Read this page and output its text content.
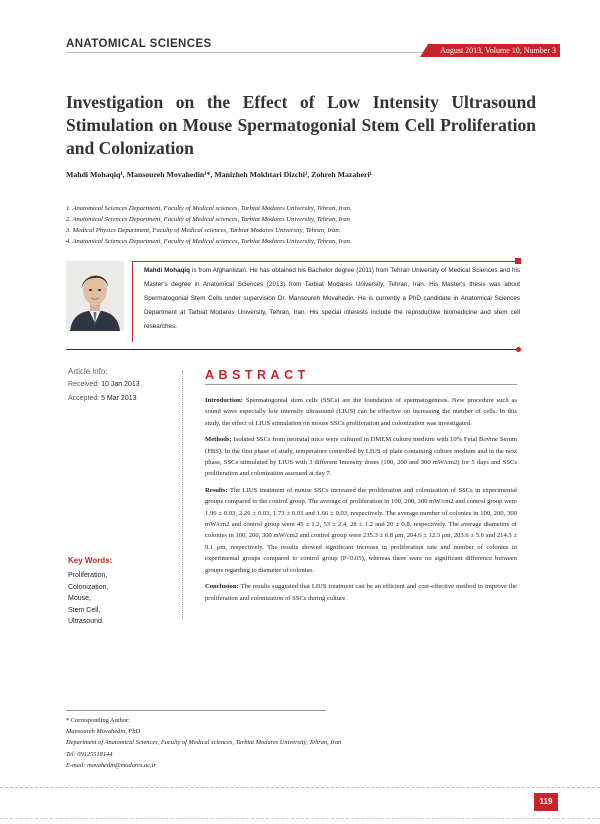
ANATOMICAL SCIENCES
August 2013, Volume 10, Number 3
Investigation on the Effect of Low Intensity Ultrasound Stimulation on Mouse Spermatogonial Stem Cell Proliferation and Colonization
Mahdi Mohaqiq¹, Mansoureh Movahedin¹*, Manizheh Mokhtari Dizchi², Zohreh Mazaheri¹
1. Anatomical Sciences Department, Faculty of Medical sciences, Tarbiat Modares University, Tehran, Iran.
2. Anatomical Sciences Department, Faculty of Medical sciences, Tarbiat Modares University, Tehran, Iran.
3. Medical Physics Department, Faculty of Medical sciences, Tarbiat Modares University, Tehran, Iran.
4. Anatomical Sciences Department, Faculty of Medical sciences, Tarbiat Modares University, Tehran, Iran.
Mahdi Mohaqiq is from Afghanistan. He has obtained his Bachelor degree (2011) from Tehran University of Medical Sciences and his Master's degree in Anatomical Sciences (2013) from Tarbiat Modares University, Tehran, Iran. His Master's thesis was about Spermatogonial Stem Cells under supervision Dr. Mansoureh Movahedin. He is currently a PhD candidate in Anatomical Sciences Department at Tarbiat Modares University, Tehran, Iran. His special interests include the reproductive biomedicine and stem cell researches.
Article info:
Received: 10 Jan 2013
Accepted: 5 Mar 2013
Key Words:
Proliferation,
Colonization,
Mouse,
Stem Cell,
Ultrasound.
ABSTRACT

Introduction: Spermatogonial stem cells (SSCs) are the foundation of spermatogenesis. New procedure such as sound wave especially low intensity ultrasound (LIUS) can be effective on increasing the number of cells. In this study, the effect of LIUS stimulation on mouse SSCs proliferation and colonization was investigated.

Methods: Isolated SSCs from neonatal mice were cultured in DMEM culture medium with 10% Fetal Bovine Serum (FBS). In the first phase of study, temperature controlled by LIUS of plate containing culture medium and in the next phase, SSCs stimulated by LIUS with 3 different Intensity doses (100, 200 and 300 mW/cm2) for 5 days and SSCs proliferation and colonization assessed at day 7.

Results: The LIUS treatment of mouse SSCs increased the proliferation and colonization of SSCs in experimental groups compared to the control group. The average of proliferation in 100, 200, 300 mW/cm2 and control group were 1.96 ± 0.03, 2.26 ± 0.03, 1.73 ± 0.03 and 1.66 ± 0.03, respectively. The average number of colonies in 100, 200, 300 mW/cm2 and control group were 45 ± 1.2, 53 ± 2.4, 28 ± 1.2 and 20 ± 0.8, respectively. The average diameters of colonies in 100, 200, 300 mW/cm2 and control group were 235.3 ± 6.8 μm, 204.6 ± 12.3 μm, 203.6 ± 5.6 and 214.3 ± 9.1 μm, respectively. The results showed significant increase in proliferation rate and number of colonies in experimental groups compared to control group (P<0.05), whereas there were no significant difference between groups regarding to diameter of colonies.

Conclusion: The results suggested that LIUS treatment can be an efficient and cost-effective method to improve the proliferation and colonization of SSCs during culture.

* Corresponding Author:
Mansoureh Movahedin, PhD
Department of Anatomical Sciences, Faculty of Medical sciences, Tarbiat Modares University, Tehran, Iran
Tel: 09125518144
E-mail: movahedm@modares.ac.ir
119
